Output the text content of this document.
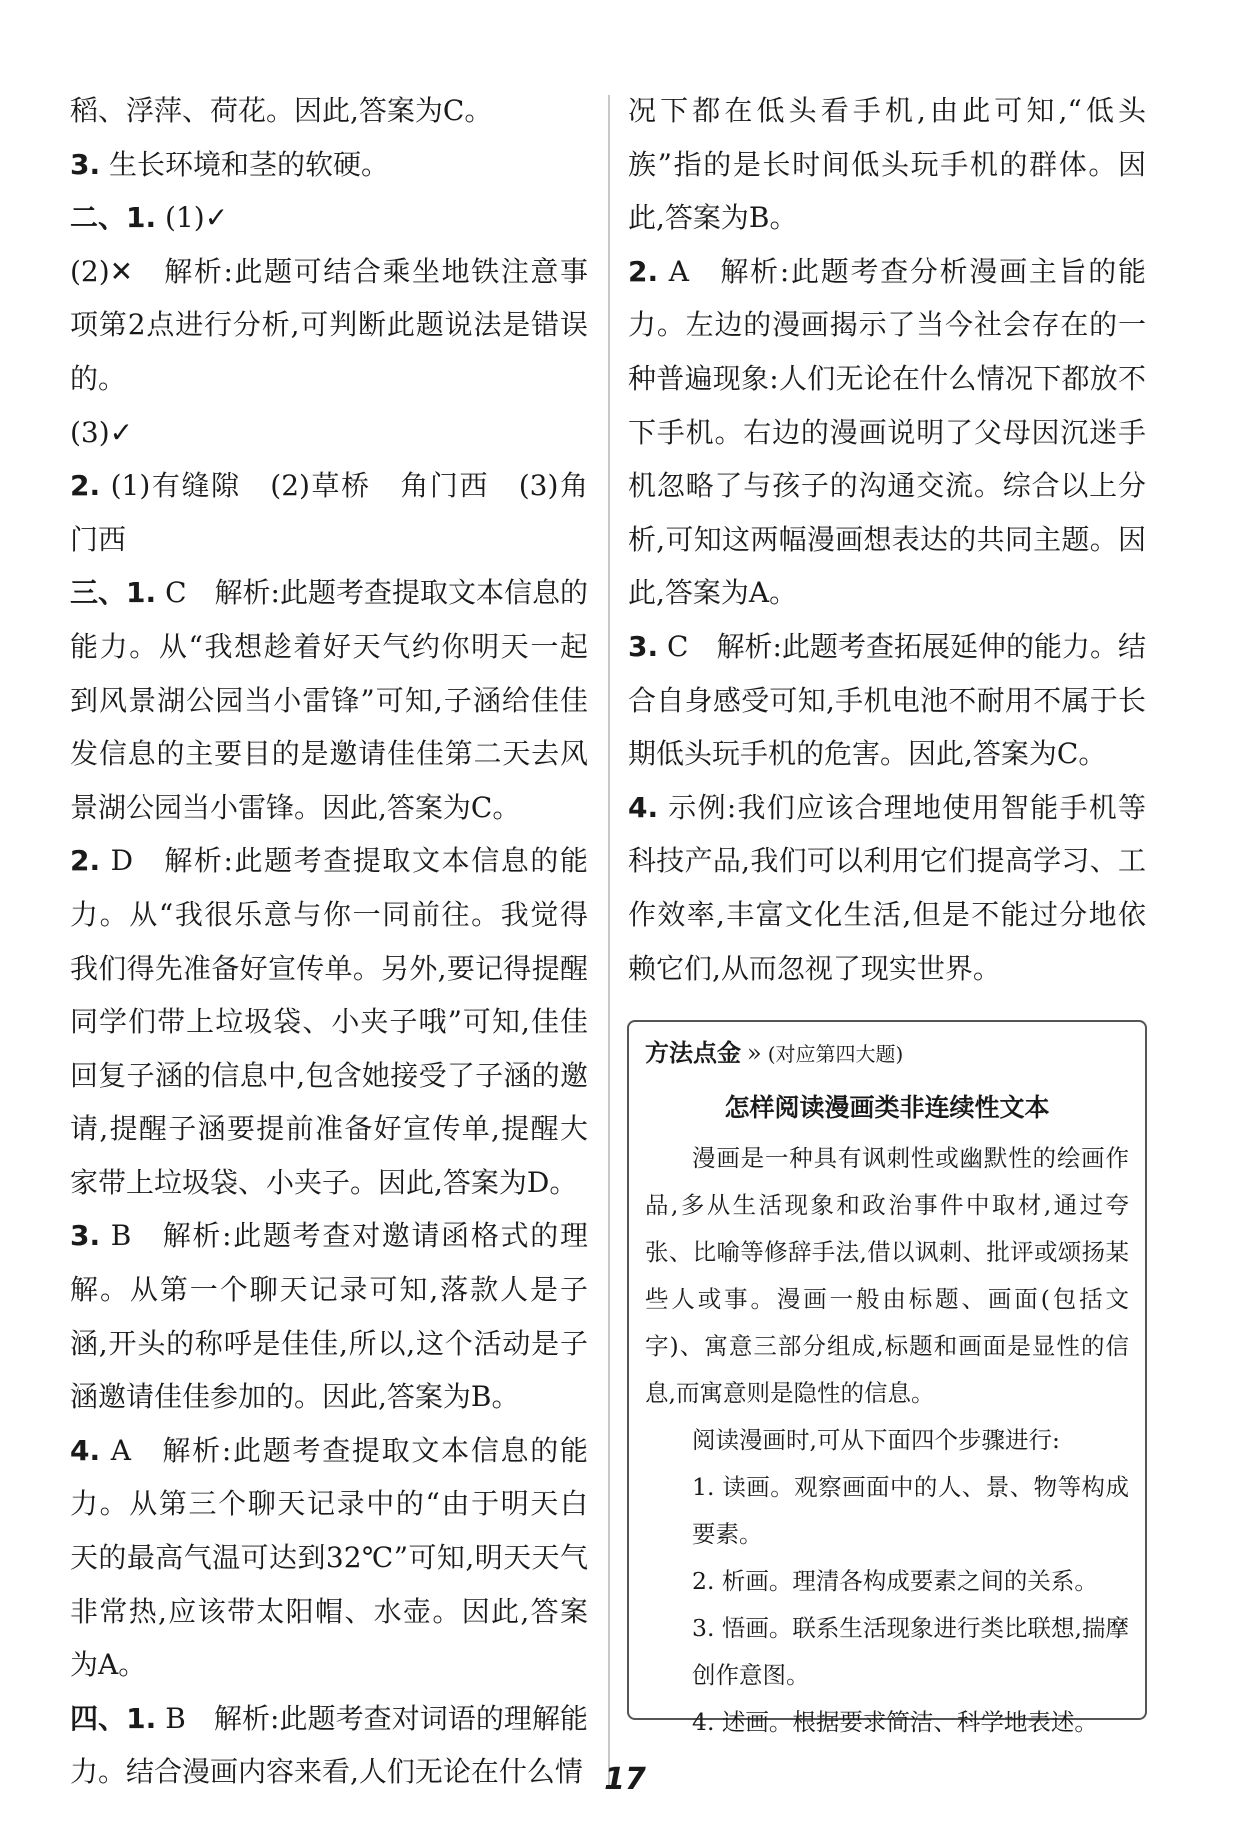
稻、浮萍、荷花。因此,答案为C。

3. 生长环境和茎的软硬。

二、1. (1)✓

(2)✕　解析:此题可结合乘坐地铁注意事项第2点进行分析,可判断此题说法是错误的。

(3)✓

2. (1)有缝隙　(2)草桥　角门西　(3)角门西

三、1. C　解析:此题考查提取文本信息的能力。从“我想趁着好天气约你明天一起到风景湖公园当小雷锋”可知,子涵给佳佳发信息的主要目的是邀请佳佳第二天去风景湖公园当小雷锋。因此,答案为C。

2. D　解析:此题考查提取文本信息的能力。从“我很乐意与你一同前往。我觉得我们得先准备好宣传单。另外,要记得提醒同学们带上垃圾袋、小夹子哦”可知,佳佳回复子涵的信息中,包含她接受了子涵的邀请,提醒子涵要提前准备好宣传单,提醒大家带上垃圾袋、小夹子。因此,答案为D。

3. B　解析:此题考查对邀请函格式的理解。从第一个聊天记录可知,落款人是子涵,开头的称呼是佳佳,所以,这个活动是子涵邀请佳佳参加的。因此,答案为B。

4. A　解析:此题考查提取文本信息的能力。从第三个聊天记录中的“由于明天白天的最高气温可达到32℃”可知,明天天气非常热,应该带太阳帽、水壶。因此,答案为A。

四、1. B　解析:此题考查对词语的理解能力。结合漫画内容来看,人们无论在什么情

况下都在低头看手机,由此可知,“低头族”指的是长时间低头玩手机的群体。因此,答案为B。

2. A　解析:此题考查分析漫画主旨的能力。左边的漫画揭示了当今社会存在的一种普遍现象:人们无论在什么情况下都放不下手机。右边的漫画说明了父母因沉迷手机忽略了与孩子的沟通交流。综合以上分析,可知这两幅漫画想表达的共同主题。因此,答案为A。

3. C　解析:此题考查拓展延伸的能力。结合自身感受可知,手机电池不耐用不属于长期低头玩手机的危害。因此,答案为C。

4. 示例:我们应该合理地使用智能手机等科技产品,我们可以利用它们提高学习、工作效率,丰富文化生活,但是不能过分地依赖它们,从而忽视了现实世界。

方法点金 » (对应第四大题)
怎样阅读漫画类非连续性文本

漫画是一种具有讽刺性或幽默性的绘画作品,多从生活现象和政治事件中取材,通过夸张、比喻等修辞手法,借以讽刺、批评或颂扬某些人或事。漫画一般由标题、画面(包括文字)、寓意三部分组成,标题和画面是显性的信息,而寓意则是隐性的信息。

阅读漫画时,可从下面四个步骤进行:

1. 读画。观察画面中的人、景、物等构成要素。

2. 析画。理清各构成要素之间的关系。

3. 悟画。联系生活现象进行类比联想,揣摩创作意图。

4. 述画。根据要求简洁、科学地表述。

17
